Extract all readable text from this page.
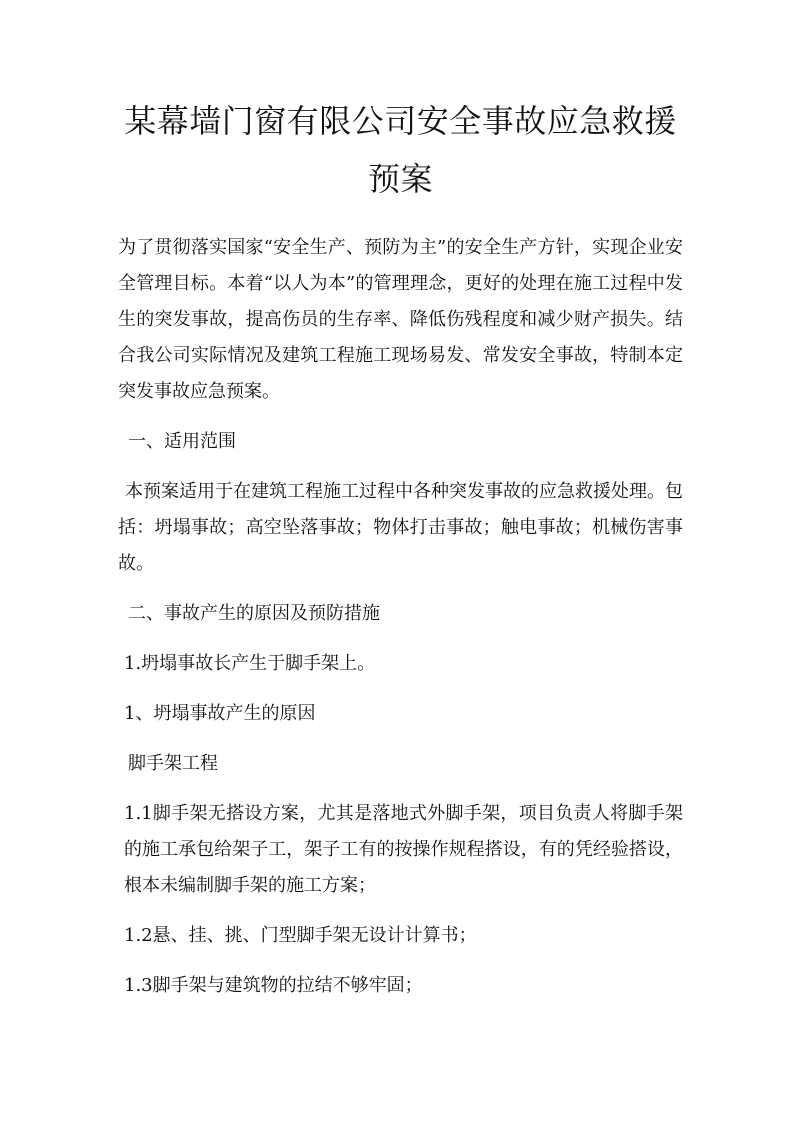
某幕墙门窗有限公司安全事故应急救援预案

为了贯彻落实国家“安全生产、预防为主”的安全生产方针，实现企业安全管理目标。本着“以人为本”的管理理念，更好的处理在施工过程中发生的突发事故，提高伤员的生存率、降低伤残程度和减少财产损失。结合我公司实际情况及建筑工程施工现场易发、常发安全事故，特制本定突发事故应急预案。

一、适用范围

本预案适用于在建筑工程施工过程中各种突发事故的应急救援处理。包括：坍塌事故；高空坠落事故；物体打击事故；触电事故；机械伤害事故。

二、事故产生的原因及预防措施

1.坍塌事故长产生于脚手架上。

1、坍塌事故产生的原因

脚手架工程

1.1脚手架无搭设方案，尤其是落地式外脚手架，项目负责人将脚手架的施工承包给架子工，架子工有的按操作规程搭设，有的凭经验搭设，根本未编制脚手架的施工方案；

1.2悬、挂、挑、门型脚手架无设计计算书；

1.3脚手架与建筑物的拉结不够牢固；
